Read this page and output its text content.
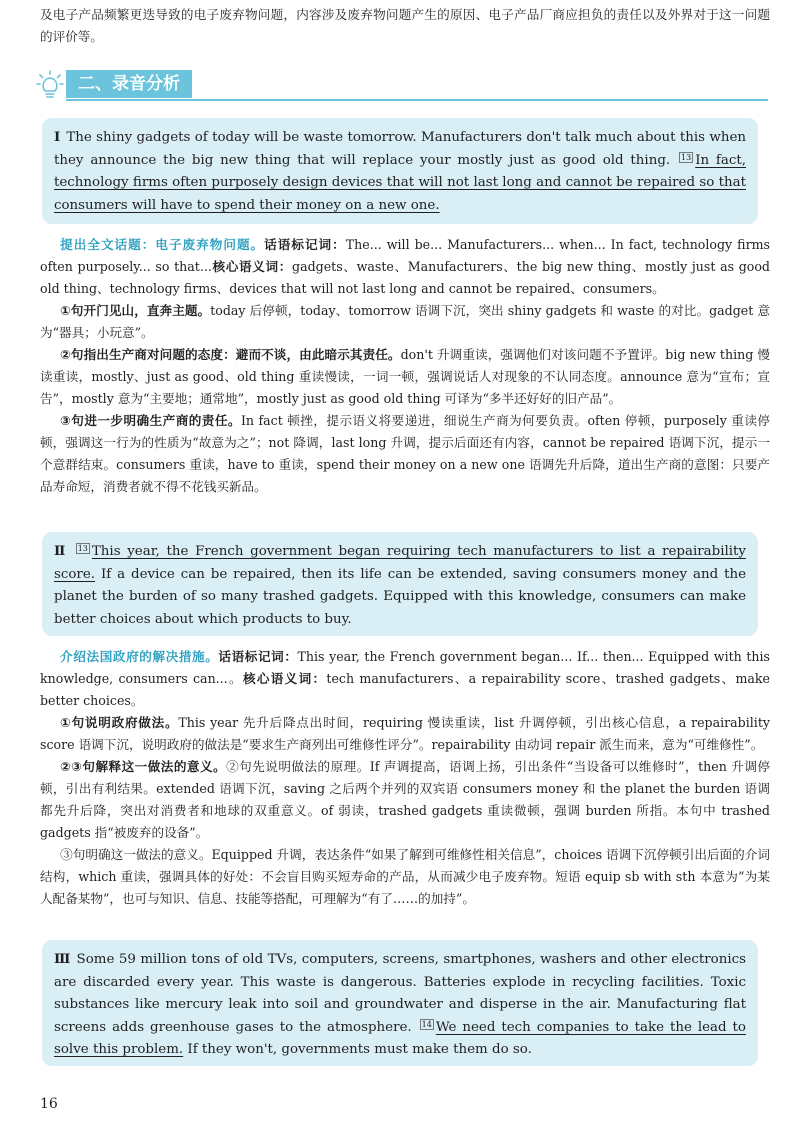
及电子产品频繁更迭导致的电子废弃物问题，内容涉及废弃物问题产生的原因、电子产品厂商应担负的责任以及外界对于这一问题的评价等。

二、录音分析

Ⅰ The shiny gadgets of today will be waste tomorrow. Manufacturers don't talk much about this when they announce the big new thing that will replace your mostly just as good old thing. 13 In fact, technology firms often purposely design devices that will not last long and cannot be repaired so that consumers will have to spend their money on a new one.

提出全文话题：电子废弃物问题。话语标记词：The... will be... Manufacturers... when... In fact, technology firms often purposely... so that...核心语义词：gadgets、waste、Manufacturers、the big new thing、mostly just as good old thing、technology firms、devices that will not last long and cannot be repaired、consumers。

①句开门见山，直奔主题。today 后停顿，today、tomorrow 语调下沉，突出 shiny gadgets 和 waste 的对比。gadget 意为“器具；小玩意”。

②句指出生产商对问题的态度：避而不谈，由此暗示其责任。don't 升调重读，强调他们对该问题不予置评。big new thing 慢读重读，mostly、just as good、old thing 重读慢读，一词一顿，强调说话人对现象的不认同态度。announce 意为“宣布；宣告”，mostly 意为“主要地；通常地”，mostly just as good old thing 可译为“多半还好好的旧产品”。

③句进一步明确生产商的责任。In fact 顿挫，提示语义将要递进，细说生产商为何要负责。often 停顿，purposely 重读停顿，强调这一行为的性质为“故意为之”；not 降调，last long 升调，提示后面还有内容，cannot be repaired 语调下沉，提示一个意群结束。consumers 重读，have to 重读，spend their money on a new one 语调先升后降，道出生产商的意图：只要产品寿命短，消费者就不得不花钱买新品。

Ⅱ 13 This year, the French government began requiring tech manufacturers to list a repairability score. If a device can be repaired, then its life can be extended, saving consumers money and the planet the burden of so many trashed gadgets. Equipped with this knowledge, consumers can make better choices about which products to buy.

介绍法国政府的解决措施。话语标记词：This year, the French government began... If... then... Equipped with this knowledge, consumers can...。核心语义词：tech manufacturers、a repairability score、trashed gadgets、make better choices。

①句说明政府做法。This year 先升后降点出时间，requiring 慢读重读，list 升调停顿，引出核心信息，a repairability score 语调下沉，说明政府的做法是“要求生产商列出可维修性评分”。repairability 由动词 repair 派生而来，意为“可维修性”。

②③句解释这一做法的意义。②句先说明做法的原理。If 声调提高，语调上扬，引出条件“当设备可以维修时”，then 升调停顿，引出有利结果。extended 语调下沉，saving 之后两个并列的双宾语 consumers money 和 the planet the burden 语调都先升后降，突出对消费者和地球的双重意义。of 弱读，trashed gadgets 重读微顿，强调 burden 所指。本句中 trashed gadgets 指“被废弃的设备”。

③句明确这一做法的意义。Equipped 升调，表达条件“如果了解到可维修性相关信息”，choices 语调下沉停顿引出后面的介词结构，which 重读，强调具体的好处：不会盲目购买短寿命的产品，从而减少电子废弃物。短语 equip sb with sth 本意为“为某人配备某物”，也可与知识、信息、技能等搭配，可理解为“有了……的加持”。

Ⅲ Some 59 million tons of old TVs, computers, screens, smartphones, washers and other electronics are discarded every year. This waste is dangerous. Batteries explode in recycling facilities. Toxic substances like mercury leak into soil and groundwater and disperse in the air. Manufacturing flat screens adds greenhouse gases to the atmosphere. 14 We need tech companies to take the lead to solve this problem. If they won't, governments must make them do so.

16
